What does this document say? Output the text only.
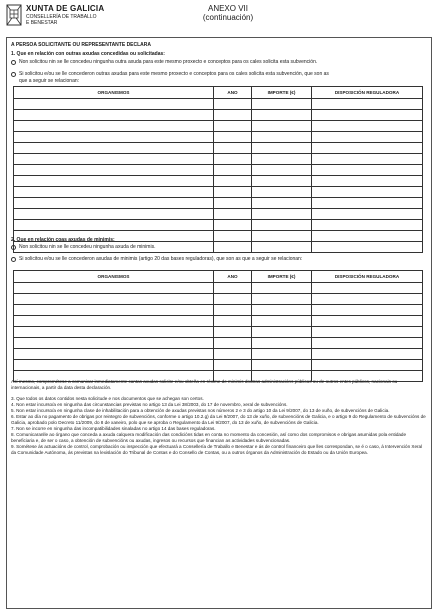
XUNTA DE GALICIA
CONSELLERÍA DE TRABALLO
E BENESTAR
ANEXO VII
(continuación)
A PERSOA SOLICITANTE OU REPRESENTANTE DECLARA
1. Que en relación con outras axudas concedidas ou solicitadas:
Non solicitou nin se lle concedeu ningunha outra axuda para este mesmo proxecto e conceptos para os cales solicita esta subvención.
Si solicitou e/ou se lle concederon outras axudas para este mesmo proxecto e conceptos para os cales solicita esta subvención, que son as
que a seguir se relacionan:
ORGANISMOS	ANO	IMPORTE (€)	DISPOSICIÓN REGULADORA

2. Que en relación coas axudas de minimis:
Non solicitou nin se lle concedeu ningunha axuda de minimis.
Si solicitou e/ou se lle concederon axudas de minimis (artigo 20 das bases reguladoras), que son as que a seguir se relacionan:
ORGANISMOS	ANO	IMPORTE (€)	DISPOSICIÓN REGULADORA

Así mesmo, comprométese a comunicar inmediatamente cantas axudas solicite e/ou obteña en réxime de minimis doutras administracións públicas ou de outros entes públicos, nacionais ou internacionais, a partir da data desta declaración.
3. Que todos os datos contidos nesta solicitude e nos documentos que se achegan son certos.
4. Non estar incurso/a en ningunha das circunstancias previstas no artigo 13 da Lei 38/2003, do 17 de novembro, xeral de subvencións.
5. Non estar incurso/a en ningunha clase de inhabilitación para a obtención de axudas previstas nos números 2 e 3 do artigo 10 da Lei 9/2007, do 13 de xuño, de subvencións de Galicia.
6. Estar ao día no pagamento de obrigas por reintegro de subvencións, conforme o artigo 10.2.g) da Lei 9/2007, do 13 de xuño, de subvencións de Galicia, e o artigo 9 do Regulamento de subvencións de Galicia, aprobado polo Decreto 11/2009, do 8 de xaneiro, polo que se aproba o Regulamento da Lei 9/2007, do 13 de xuño, de subvencións de Galicia.
7. Non se incorre en ningunha das incompatibilidades sinaladas no artigo 14 das bases reguladoras.
8. Comunicaranlle ao órgano que conceda a axuda calquera modificación das condicións tidas en conta no momento da concesión, así como dos compromisos e obrigas asumidas pola entidade beneficiaria e, de ser o caso, a obtención de subvencións ou axudas, ingresos ou recursos que financian as actividades subvencionadas.
9. Sométese ás actuacións de control, comprobación ou inspección que efectuará a Consellería de Traballo e Benestar e ás de control financeiro que lles correspondan, se é o caso, á Intervención Xeral da Comunidade Autónoma, ás previstas na lexislación do Tribunal de Contas e do Consello de Contas, ou a outros órganos da Administración do Estado ou da Unión Europea.
